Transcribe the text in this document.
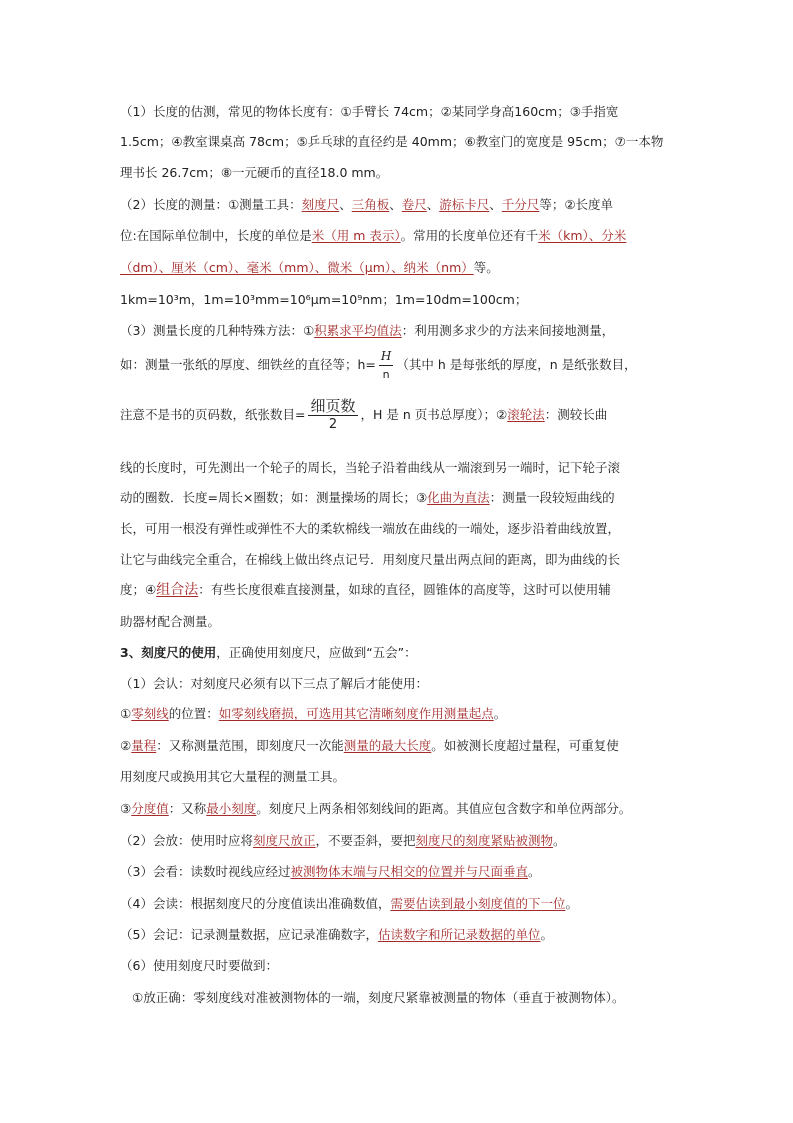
（1）长度的估测，常见的物体长度有：①手臂长 74cm；②某同学身高160cm；③手指宽
1.5cm；④教室课桌高 78cm；⑤乒乓球的直径约是 40mm；⑥教室门的宽度是 95cm；⑦一本物
理书长 26.7cm；⑧一元硬币的直径18.0 mm。
（2）长度的测量：①测量工具：刻度尺、三角板、卷尺、游标卡尺、千分尺等；②长度单
位:在国际单位制中，长度的单位是米（用 m 表示）。常用的长度单位还有千米（km）、分米
（dm）、厘米（cm）、毫米（mm）、微米（μm）、纳米（nm）等。
1km=10³m，1m=10³mm=10⁶μm=10⁹nm；1m=10dm=100cm；
（3）测量长度的几种特殊方法：①积累求平均值法：利用测多求少的方法来间接地测量，
如：测量一张纸的厚度、细铁丝的直径等；$h= \frac{H}{n}$ （其中 h 是每张纸的厚度，n 是纸张数目，
注意不是书的页码数，纸张数目= $\frac{\text{细页数}}{2}$ ，H 是 n 页书总厚度）；②滚轮法：测较长曲
线的长度时，可先测出一个轮子的周长，当轮子沿着曲线从一端滚到另一端时，记下轮子滚
动的圈数．长度=周长×圈数；如：测量操场的周长；③化曲为直法：测量一段较短曲线的
长，可用一根没有弹性或弹性不大的柔软棉线一端放在曲线的一端处，逐步沿着曲线放置，
让它与曲线完全重合，在棉线上做出终点记号．用刻度尺量出两点间的距离，即为曲线的长
度；④组合法：有些长度很难直接测量，如球的直径，圆锥体的高度等，这时可以使用辅
助器材配合测量。
3、刻度尺的使用，正确使用刻度尺，应做到“五会”：
（1）会认：对刻度尺必须有以下三点了解后才能使用：
①零刻线的位置：如零刻线磨损，可选用其它清晰刻度作用测量起点。
②量程：又称测量范围，即刻度尺一次能测量的最大长度。如被测长度超过量程，可重复使
用刻度尺或换用其它大量程的测量工具。
③分度值：又称最小刻度。刻度尺上两条相邻刻线间的距离。其值应包含数字和单位两部分。
（2）会放：使用时应将刻度尺放正，不要歪斜，要把刻度尺的刻度紧贴被测物。
（3）会看：读数时视线应经过被测物体末端与尺相交的位置并与尺面垂直。
（4）会读：根据刻度尺的分度值读出准确数值，需要估读到最小刻度值的下一位。
（5）会记：记录测量数据，应记录准确数字，估读数字和所记录数据的单位。
（6）使用刻度尺时要做到：
①放正确：零刻度线对准被测物体的一端，刻度尺紧靠被测量的物体（垂直于被测物体）。
